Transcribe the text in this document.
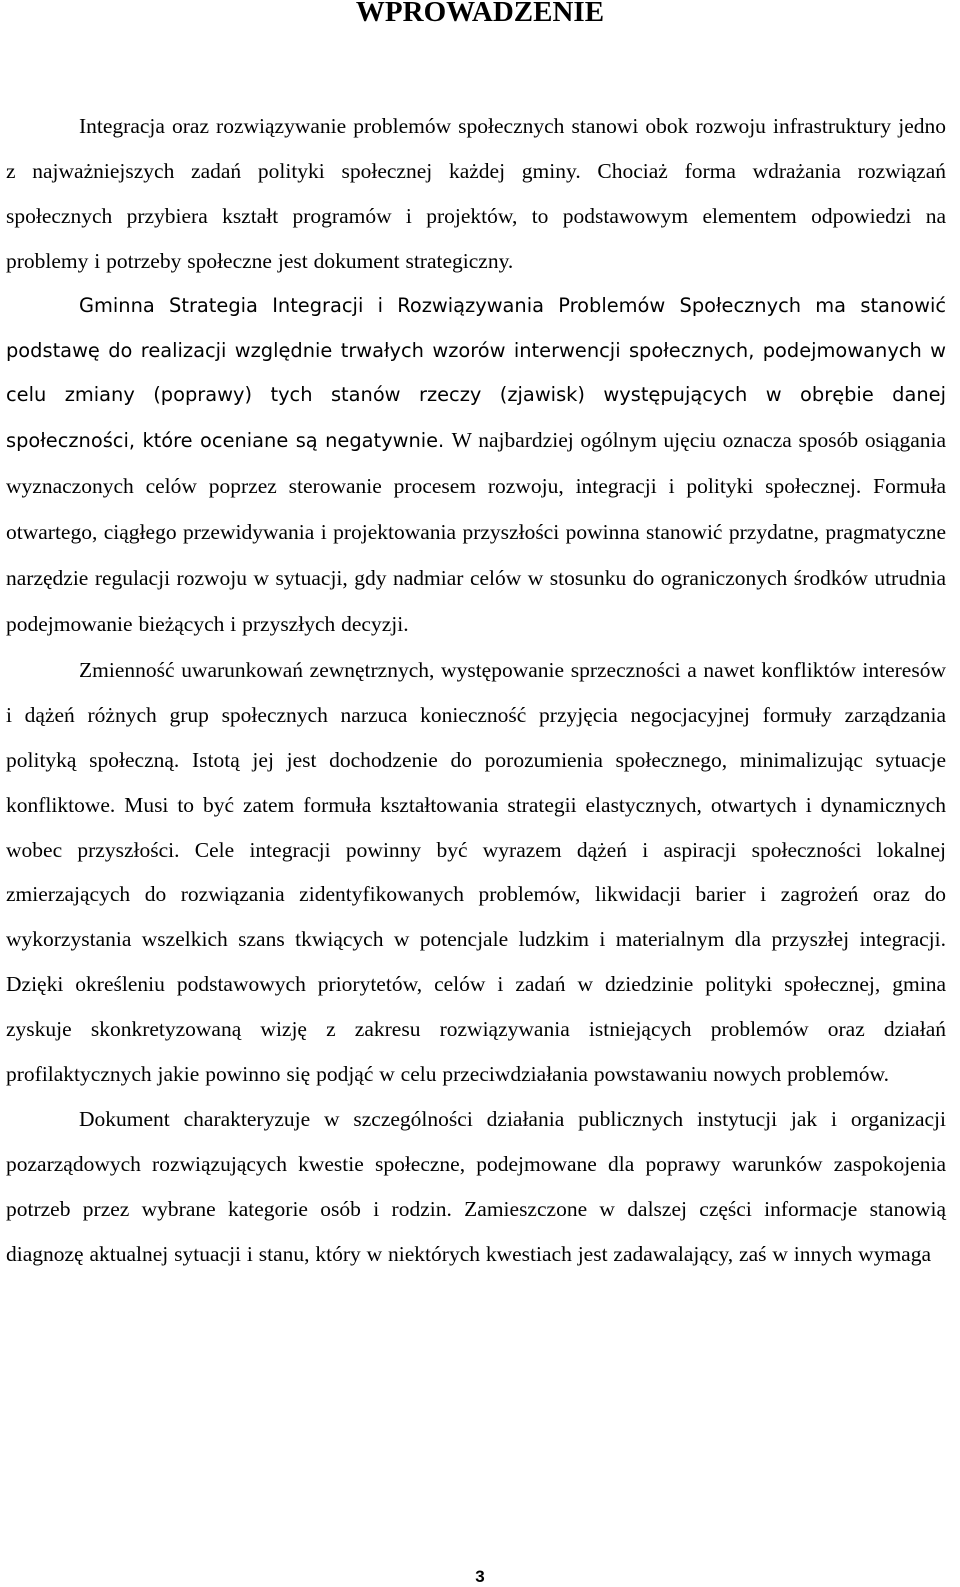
WPROWADZENIE

Integracja oraz rozwiązywanie problemów społecznych stanowi obok rozwoju infrastruktury jedno z najważniejszych zadań polityki społecznej każdej gminy. Chociaż forma wdrażania rozwiązań społecznych przybiera kształt programów i projektów, to podstawowym elementem odpowiedzi na problemy i potrzeby społeczne jest dokument strategiczny.

Gminna Strategia Integracji i Rozwiązywania Problemów Społecznych ma stanowić podstawę do realizacji względnie trwałych wzorów interwencji społecznych, podejmowanych w celu zmiany (poprawy) tych stanów rzeczy (zjawisk) występujących w obrębie danej społeczności, które oceniane są negatywnie. W najbardziej ogólnym ujęciu oznacza sposób osiągania wyznaczonych celów poprzez sterowanie procesem rozwoju, integracji i polityki społecznej. Formuła otwartego, ciągłego przewidywania i projektowania przyszłości powinna stanowić przydatne, pragmatyczne narzędzie regulacji rozwoju w sytuacji, gdy nadmiar celów w stosunku do ograniczonych środków utrudnia podejmowanie bieżących i przyszłych decyzji.

Zmienność uwarunkowań zewnętrznych, występowanie sprzeczności a nawet konfliktów interesów i dążeń różnych grup społecznych narzuca konieczność przyjęcia negocjacyjnej formuły zarządzania polityką społeczną. Istotą jej jest dochodzenie do porozumienia społecznego, minimalizując sytuacje konfliktowe. Musi to być zatem formuła kształtowania strategii elastycznych, otwartych i dynamicznych wobec przyszłości. Cele integracji powinny być wyrazem dążeń i aspiracji społeczności lokalnej zmierzających do rozwiązania zidentyfikowanych problemów, likwidacji barier i zagrożeń oraz do wykorzystania wszelkich szans tkwiących w potencjale ludzkim i materialnym dla przyszłej integracji. Dzięki określeniu podstawowych priorytetów, celów i zadań w dziedzinie polityki społecznej, gmina zyskuje skonkretyzowaną wizję z zakresu rozwiązywania istniejących problemów oraz działań profilaktycznych jakie powinno się podjąć w celu przeciwdziałania powstawaniu nowych problemów.

Dokument charakteryzuje w szczególności działania publicznych instytucji jak i organizacji pozarządowych rozwiązujących kwestie społeczne, podejmowane dla poprawy warunków zaspokojenia potrzeb przez wybrane kategorie osób i rodzin. Zamieszczone w dalszej części informacje stanowią diagnozę aktualnej sytuacji i stanu, który w niektórych kwestiach jest zadawalający, zaś w innych wymaga

3
